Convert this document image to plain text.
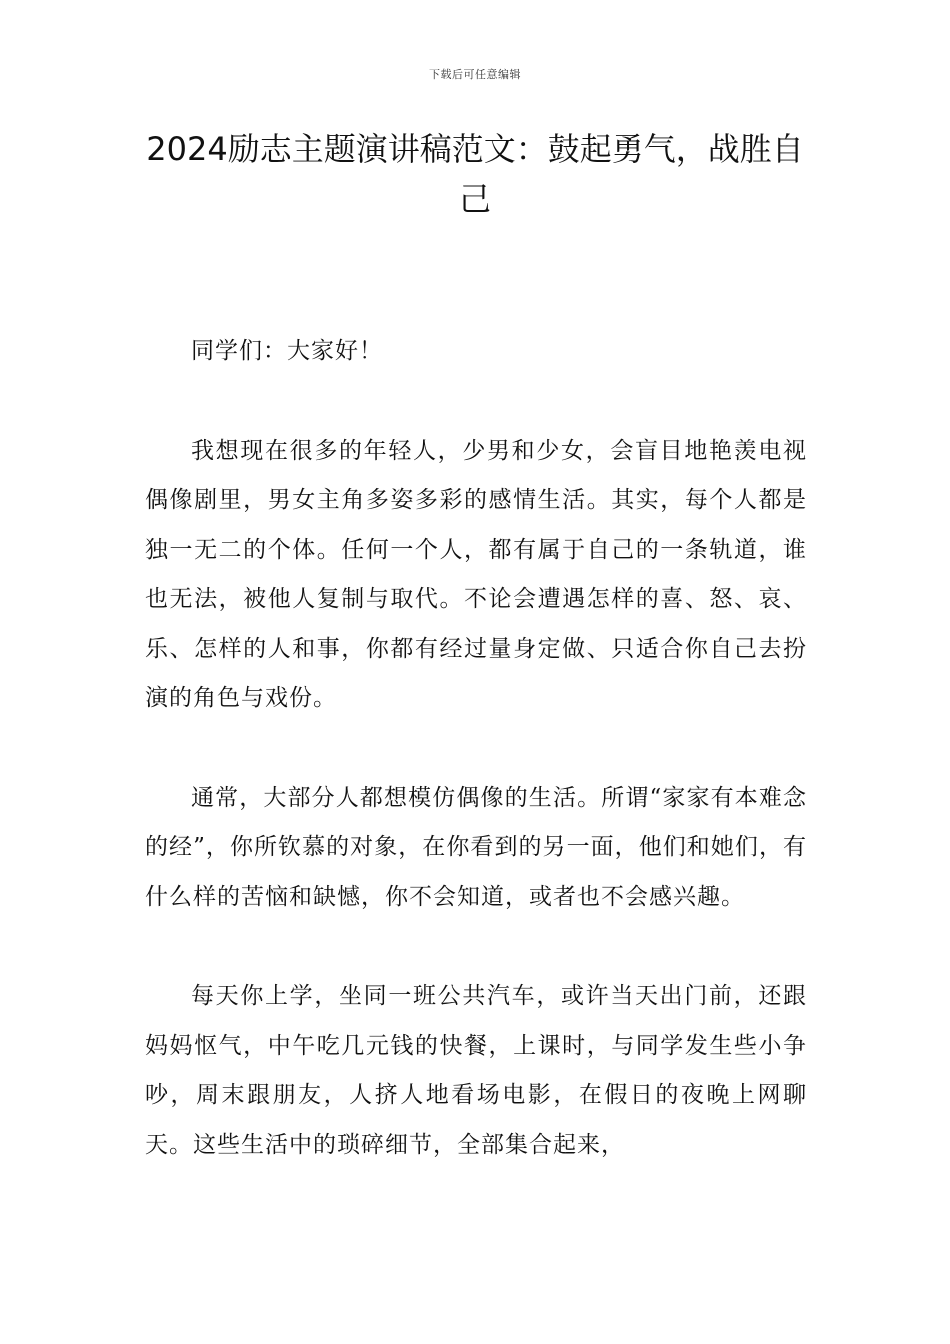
下载后可任意编辑
2024励志主题演讲稿范文：鼓起勇气，战胜自己

同学们：大家好！

我想现在很多的年轻人，少男和少女，会盲目地艳羡电视偶像剧里，男女主角多姿多彩的感情生活。其实，每个人都是独一无二的个体。任何一个人，都有属于自己的一条轨道，谁也无法，被他人复制与取代。不论会遭遇怎样的喜、怒、哀、乐、怎样的人和事，你都有经过量身定做、只适合你自己去扮演的角色与戏份。

通常，大部分人都想模仿偶像的生活。所谓“家家有本难念的经”，你所钦慕的对象，在你看到的另一面，他们和她们，有什么样的苦恼和缺憾，你不会知道，或者也不会感兴趣。

每天你上学，坐同一班公共汽车，或许当天出门前，还跟妈妈怄气，中午吃几元钱的快餐，上课时，与同学发生些小争吵，周末跟朋友，人挤人地看场电影，在假日的夜晚上网聊天。这些生活中的琐碎细节，全部集合起来，
